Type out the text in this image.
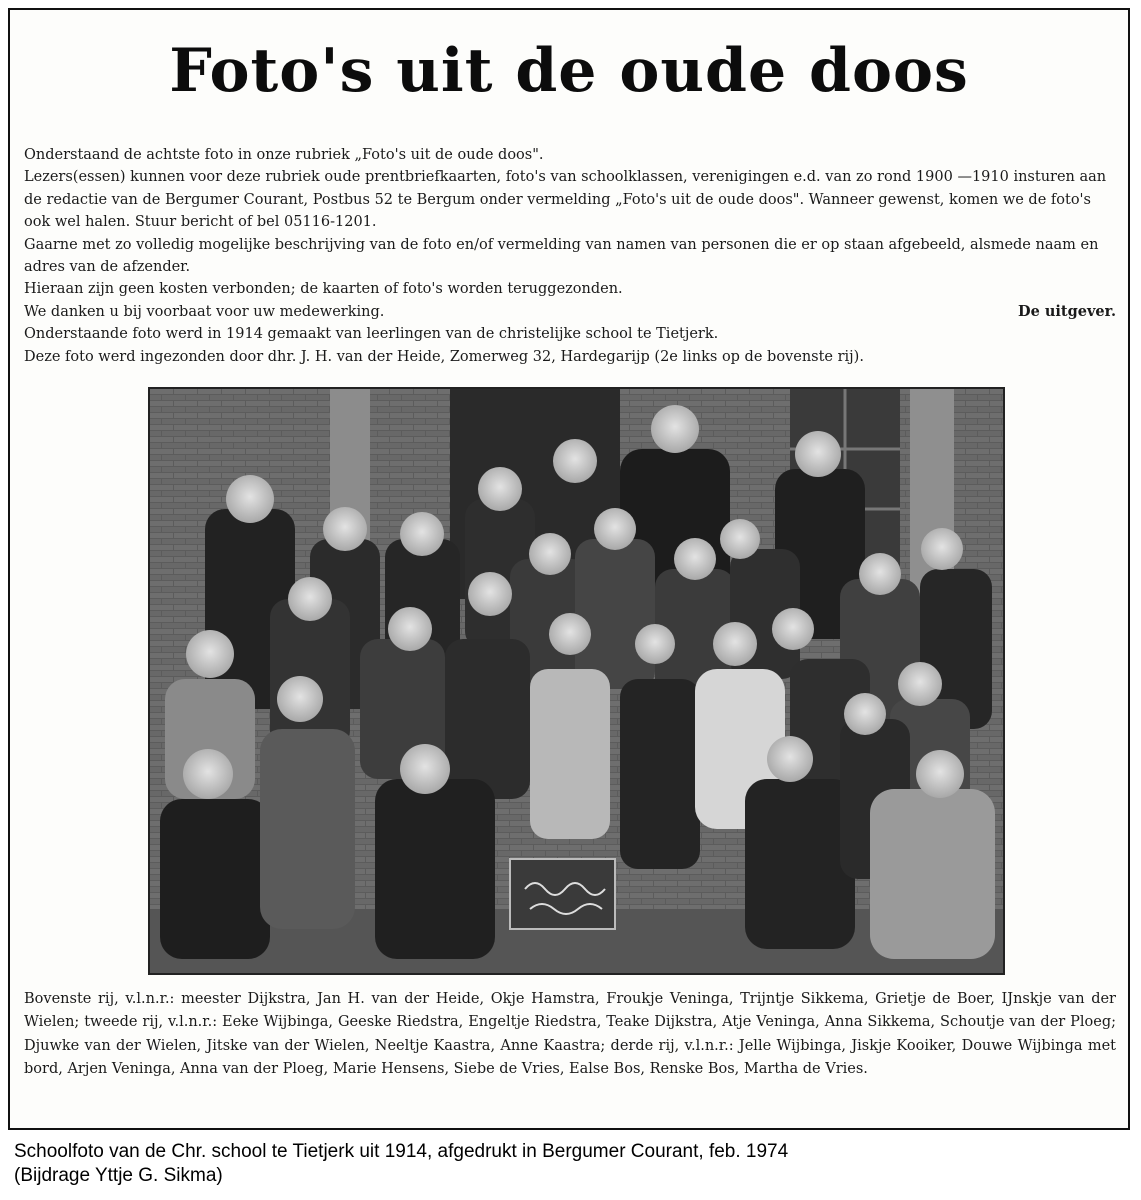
Foto's uit de oude doos

Onderstaand de achtste foto in onze rubriek „Foto's uit de oude doos".

Lezers(essen) kunnen voor deze rubriek oude prentbriefkaarten, foto's van schoolklassen, verenigingen e.d. van zo rond 1900 —1910 insturen aan de redactie van de Bergumer Courant, Postbus 52 te Bergum onder vermelding „Foto's uit de oude doos". Wanneer gewenst, komen we de foto's ook wel halen. Stuur bericht of bel 05116-1201.

Gaarne met zo volledig mogelijke beschrijving van de foto en/of vermelding van namen van personen die er op staan afgebeeld, alsmede naam en adres van de afzender.

Hieraan zijn geen kosten verbonden; de kaarten of foto's worden teruggezonden.

We danken u bij voorbaat voor uw medewerking.	De uitgever.

Onderstaande foto werd in 1914 gemaakt van leerlingen van de christelijke school te Tietjerk.

Deze foto werd ingezonden door dhr. J. H. van der Heide, Zomerweg 32, Hardegarijp (2e links op de bovenste rij).

Bovenste rij, v.l.n.r.: meester Dijkstra, Jan H. van der Heide, Okje Hamstra, Froukje Veninga, Trijntje Sikkema, Grietje de Boer, IJnskje van der Wielen; tweede rij, v.l.n.r.: Eeke Wijbinga, Geeske Riedstra, Engeltje Riedstra, Teake Dijkstra, Atje Veninga, Anna Sikkema, Schoutje van der Ploeg; Djuwke van der Wielen, Jitske van der Wielen, Neeltje Kaastra, Anne Kaastra; derde rij, v.l.n.r.: Jelle Wijbinga, Jiskje Kooiker, Douwe Wijbinga met bord, Arjen Veninga, Anna van der Ploeg, Marie Hensens, Siebe de Vries, Ealse Bos, Renske Bos, Martha de Vries.

Schoolfoto van de Chr. school te Tietjerk uit 1914, afgedrukt in Bergumer Courant, feb. 1974

(Bijdrage Yttje G. Sikma)
